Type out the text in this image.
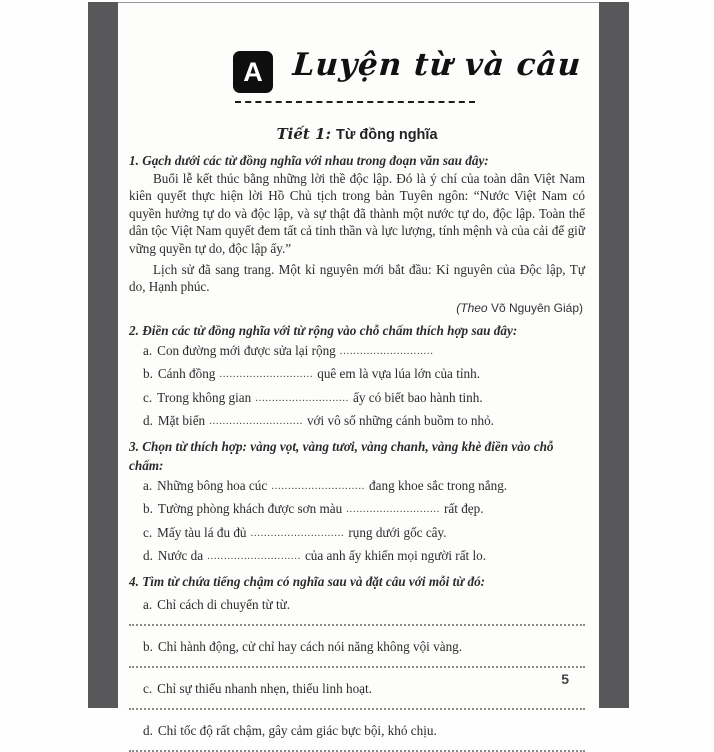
A Luyện từ và câu
Tiết 1: Từ đồng nghĩa
1. Gạch dưới các từ đồng nghĩa với nhau trong đoạn văn sau đây:
Buổi lễ kết thúc bằng những lời thề độc lập. Đó là ý chí của toàn dân Việt Nam kiên quyết thực hiện lời Hồ Chủ tịch trong bản Tuyên ngôn: “Nước Việt Nam có quyền hưởng tự do và độc lập, và sự thật đã thành một nước tự do, độc lập. Toàn thể dân tộc Việt Nam quyết đem tất cả tinh thần và lực lượng, tính mệnh và của cải để giữ vững quyền tự do, độc lập ấy.”
Lịch sử đã sang trang. Một kỉ nguyên mới bắt đầu: Kỉ nguyên của Độc lập, Tự do, Hạnh phúc.
(Theo Võ Nguyên Giáp)
2. Điền các từ đồng nghĩa với từ rộng vào chỗ chấm thích hợp sau đây:
a. Con đường mới được sửa lại rộng ............................
b. Cánh đồng ............................ quê em là vựa lúa lớn của tỉnh.
c. Trong không gian ............................ ấy có biết bao hành tinh.
d. Mặt biển ............................ với vô số những cánh buồm to nhỏ.
3. Chọn từ thích hợp: vàng vọt, vàng tươi, vàng chanh, vàng khè điền vào chỗ chấm:
a. Những bông hoa cúc ............................ đang khoe sắc trong nắng.
b. Tường phòng khách được sơn màu ............................ rất đẹp.
c. Mấy tàu lá đu đủ ............................ rụng dưới gốc cây.
d. Nước da ............................ của anh ấy khiến mọi người rất lo.
4. Tìm từ chứa tiếng chậm có nghĩa sau và đặt câu với mỗi từ đó:
a. Chỉ cách di chuyển từ từ.
b. Chỉ hành động, cử chỉ hay cách nói năng không vội vàng.
c. Chỉ sự thiếu nhanh nhẹn, thiếu linh hoạt.
d. Chỉ tốc độ rất chậm, gây cảm giác bực bội, khó chịu.
5
